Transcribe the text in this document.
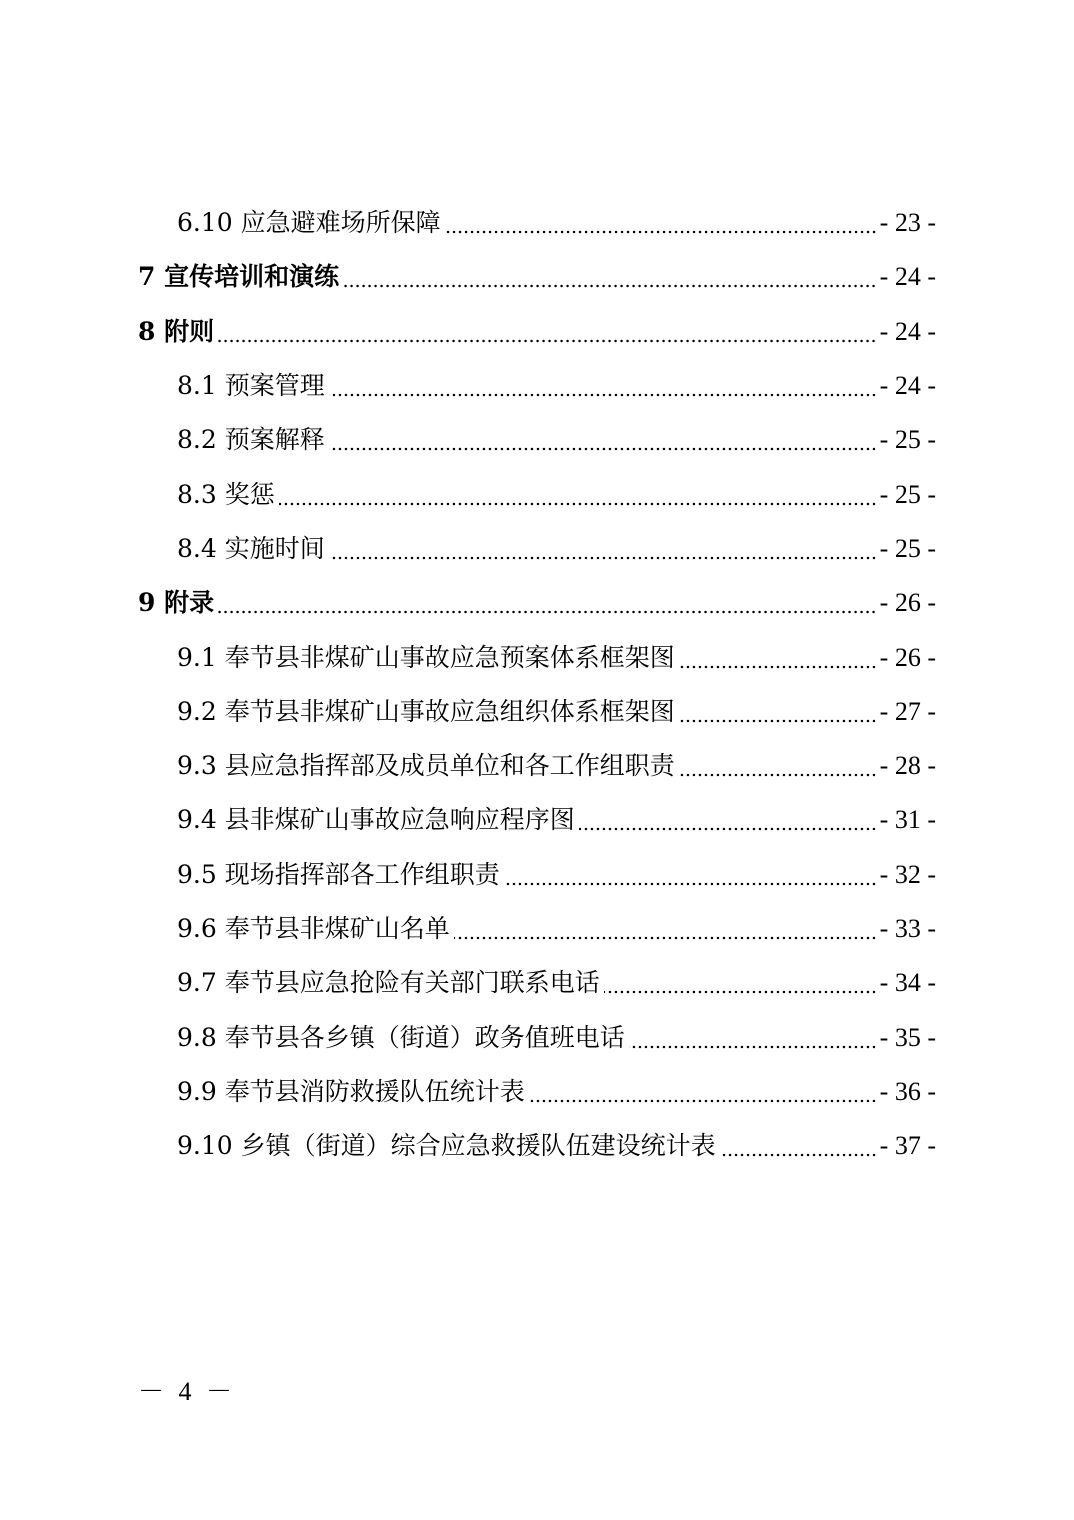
6.10 应急避难场所保障	- 23 -
7 宣传培训和演练	- 24 -
8 附则	- 24 -
8.1 预案管理	- 24 -
8.2 预案解释	- 25 -
8.3 奖惩	- 25 -
8.4 实施时间	- 25 -
9 附录	- 26 -
9.1 奉节县非煤矿山事故应急预案体系框架图	- 26 -
9.2 奉节县非煤矿山事故应急组织体系框架图	- 27 -
9.3 县应急指挥部及成员单位和各工作组职责	- 28 -
9.4 县非煤矿山事故应急响应程序图	- 31 -
9.5 现场指挥部各工作组职责	- 32 -
9.6 奉节县非煤矿山名单	- 33 -
9.7 奉节县应急抢险有关部门联系电话	- 34 -
9.8 奉节县各乡镇（街道）政务值班电话	- 35 -
9.9 奉节县消防救援队伍统计表	- 36 -
9.10 乡镇（街道）综合应急救援队伍建设统计表	- 37 -
－ 4 －
